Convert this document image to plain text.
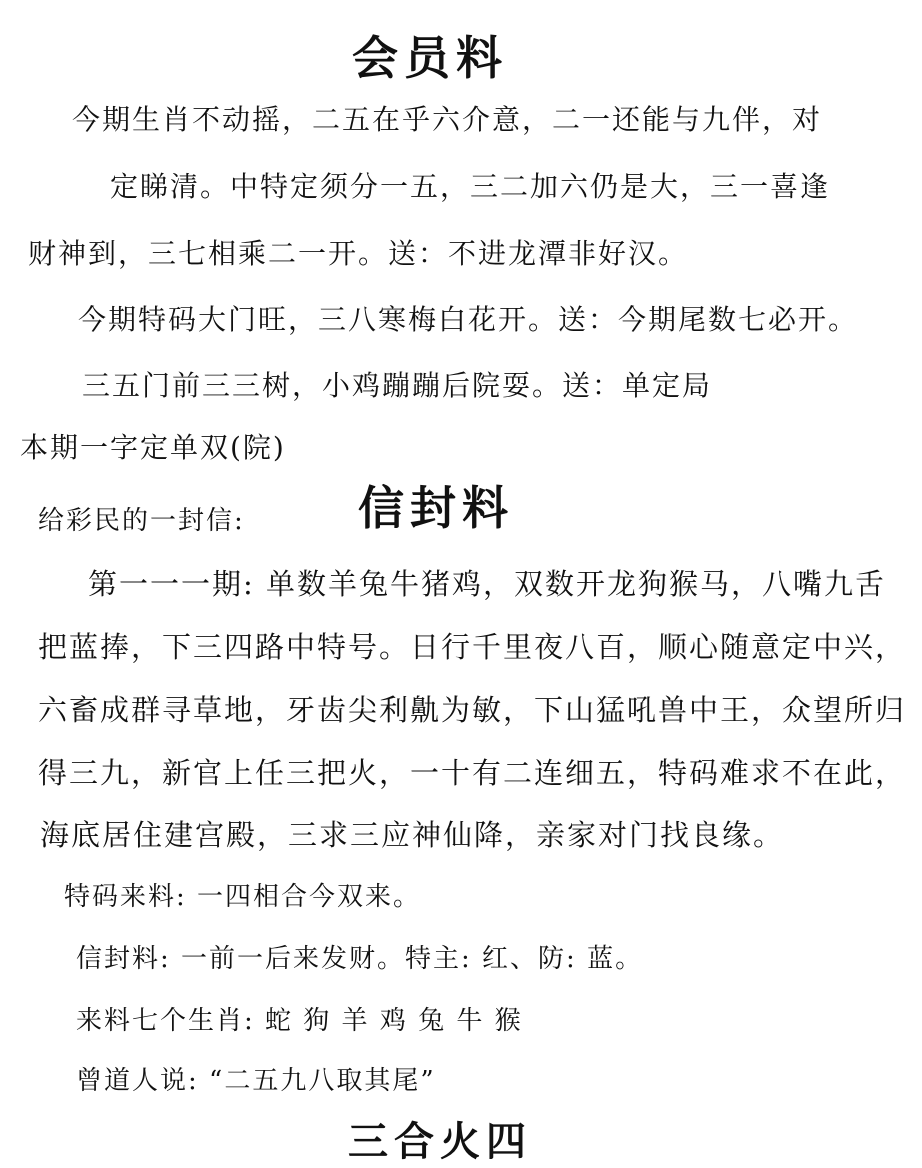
会员料
今期生肖不动摇，二五在乎六介意，二一还能与九伴，对
定睇清。中特定须分一五，三二加六仍是大，三一喜逢
财神到，三七相乘二一开。送：不进龙潭非好汉。
今期特码大门旺，三八寒梅白花开。送：今期尾数七必开。
三五门前三三树，小鸡蹦蹦后院耍。送：单定局
本期一字定单双(院)
给彩民的一封信: 信封料
第一一一期: 单数羊兔牛猪鸡，双数开龙狗猴马，八嘴九舌
把蓝捧，下三四路中特号。日行千里夜八百，顺心随意定中兴，
六畜成群寻草地，牙齿尖利鼽为敏，下山猛吼兽中王，众望所归
得三九，新官上任三把火，一十有二连细五，特码难求不在此，
海底居住建宫殿，三求三应神仙降，亲家对门找良缘。
特码来料: 一四相合今双来。
信封料: 一前一后来发财。特主: 红、防: 蓝。
来料七个生肖: 蛇 狗 羊 鸡 兔 牛 猴
曾道人说: “二五九八取其尾”
三合火四
